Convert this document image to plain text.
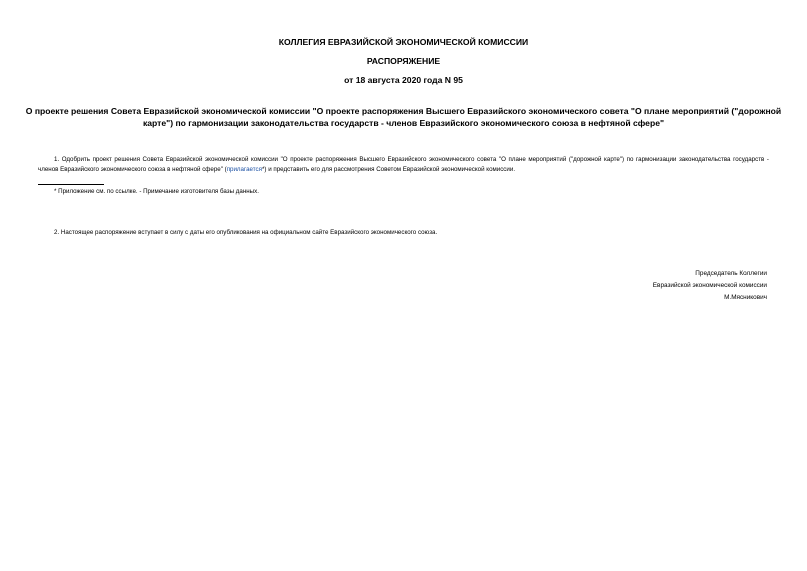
КОЛЛЕГИЯ ЕВРАЗИЙСКОЙ ЭКОНОМИЧЕСКОЙ КОМИССИИ

РАСПОРЯЖЕНИЕ

от 18 августа 2020 года N 95

О проекте решения Совета Евразийской экономической комиссии "О проекте распоряжения Высшего Евразийского экономического совета "О плане мероприятий ("дорожной карте") по гармонизации законодательства государств - членов Евразийского экономического союза в нефтяной сфере"

1. Одобрить проект решения Совета Евразийской экономической комиссии "О проекте распоряжения Высшего Евразийского экономического совета "О плане мероприятий ("дорожной карте") по гармонизации законодательства государств - членов Евразийского экономического союза в нефтяной сфере" (прилагается*) и представить его для рассмотрения Советом Евразийской экономической комиссии.

* Приложение см. по ссылке. - Примечание изготовителя базы данных.

2. Настоящее распоряжение вступает в силу с даты его опубликования на официальном сайте Евразийского экономического союза.

Председатель Коллегии
Евразийской экономической комиссии
М.Мясникович
